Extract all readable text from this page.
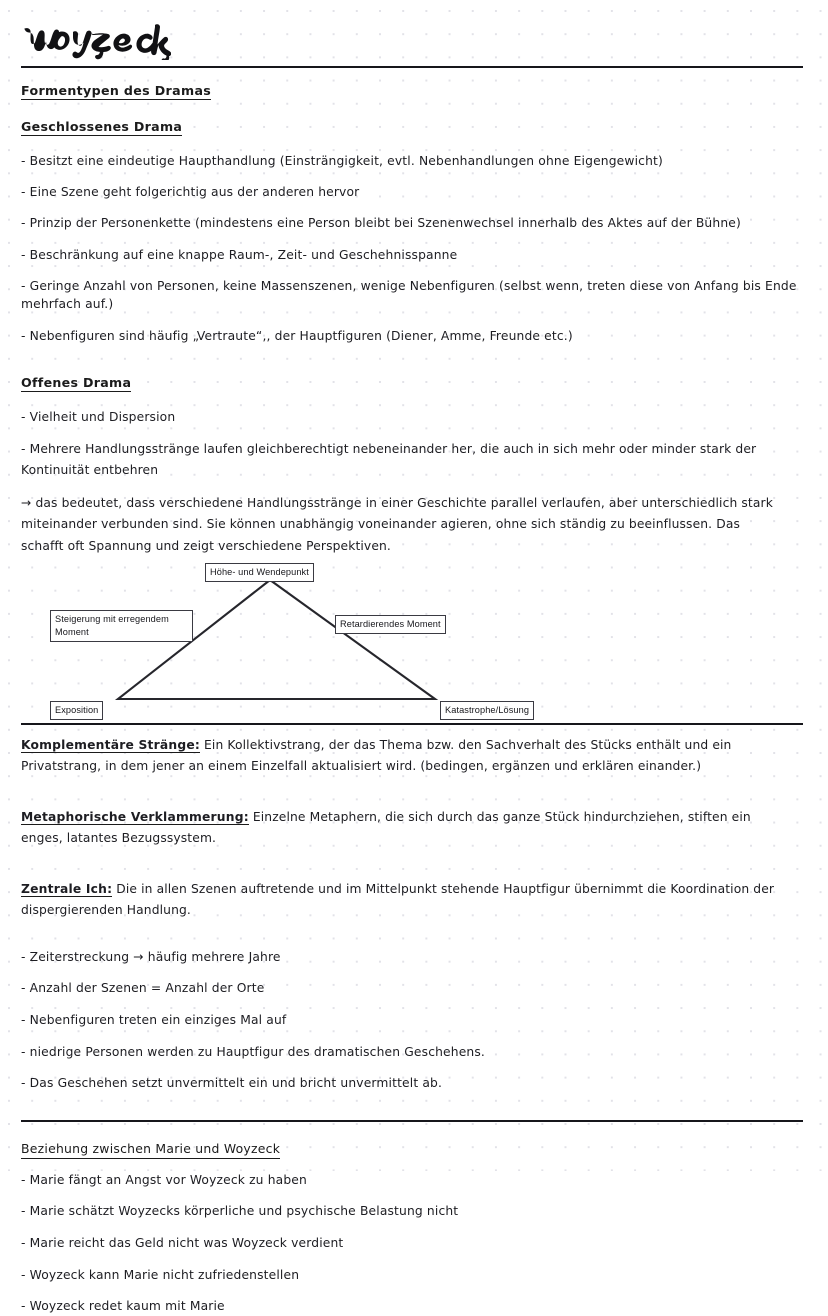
Formentypen des Dramas
Geschlossenes Drama

- Besitzt eine eindeutige Haupthandlung (Einsträngigkeit, evtl. Nebenhandlungen ohne Eigengewicht)

- Eine Szene geht folgerichtig aus der anderen hervor

- Prinzip der Personenkette (mindestens eine Person bleibt bei Szenenwechsel innerhalb des Aktes auf der Bühne)

- Beschränkung auf eine knappe Raum-, Zeit- und Geschehnisspanne

- Geringe Anzahl von Personen, keine Massenszenen, wenige Nebenfiguren (selbst wenn, treten diese von Anfang bis Ende mehrfach auf.)

- Nebenfiguren sind häufig „Vertraute“,, der Hauptfiguren (Diener, Amme, Freunde etc.)

Offenes Drama

- Vielheit und Dispersion

- Mehrere Handlungsstränge laufen gleichberechtigt nebeneinander her, die auch in sich mehr oder minder stark der Kontinuität entbehren

→ das bedeutet, dass verschiedene Handlungsstränge in einer Geschichte parallel verlaufen, aber unterschiedlich stark miteinander verbunden sind. Sie können unabhängig voneinander agieren, ohne sich ständig zu beeinflussen. Das schafft oft Spannung und zeigt verschiedene Perspektiven.

Höhe- und Wendepunkt
Steigerung mit erregendem Moment
Retardierendes Moment
Exposition	Katastrophe/Lösung

Komplementäre Stränge: Ein Kollektivstrang, der das Thema bzw. den Sachverhalt des Stücks enthält und ein Privatstrang, in dem jener an einem Einzelfall aktualisiert wird. (bedingen, ergänzen und erklären einander.)

Metaphorische Verklammerung: Einzelne Metaphern, die sich durch das ganze Stück hindurchziehen, stiften ein enges, latantes Bezugssystem.

Zentrale Ich: Die in allen Szenen auftretende und im Mittelpunkt stehende Hauptfigur übernimmt die Koordination der dispergierenden Handlung.

- Zeiterstreckung → häufig mehrere Jahre

- Anzahl der Szenen = Anzahl der Orte

- Nebenfiguren treten ein einziges Mal auf

- niedrige Personen werden zu Hauptfigur des dramatischen Geschehens.

- Das Geschehen setzt unvermittelt ein und bricht unvermittelt ab.

Beziehung zwischen Marie und Woyzeck

- Marie fängt an Angst vor Woyzeck zu haben

- Marie schätzt Woyzecks körperliche und psychische Belastung nicht

- Marie reicht das Geld nicht was Woyzeck verdient

- Woyzeck kann Marie nicht zufriedenstellen

- Woyzeck redet kaum mit Marie
